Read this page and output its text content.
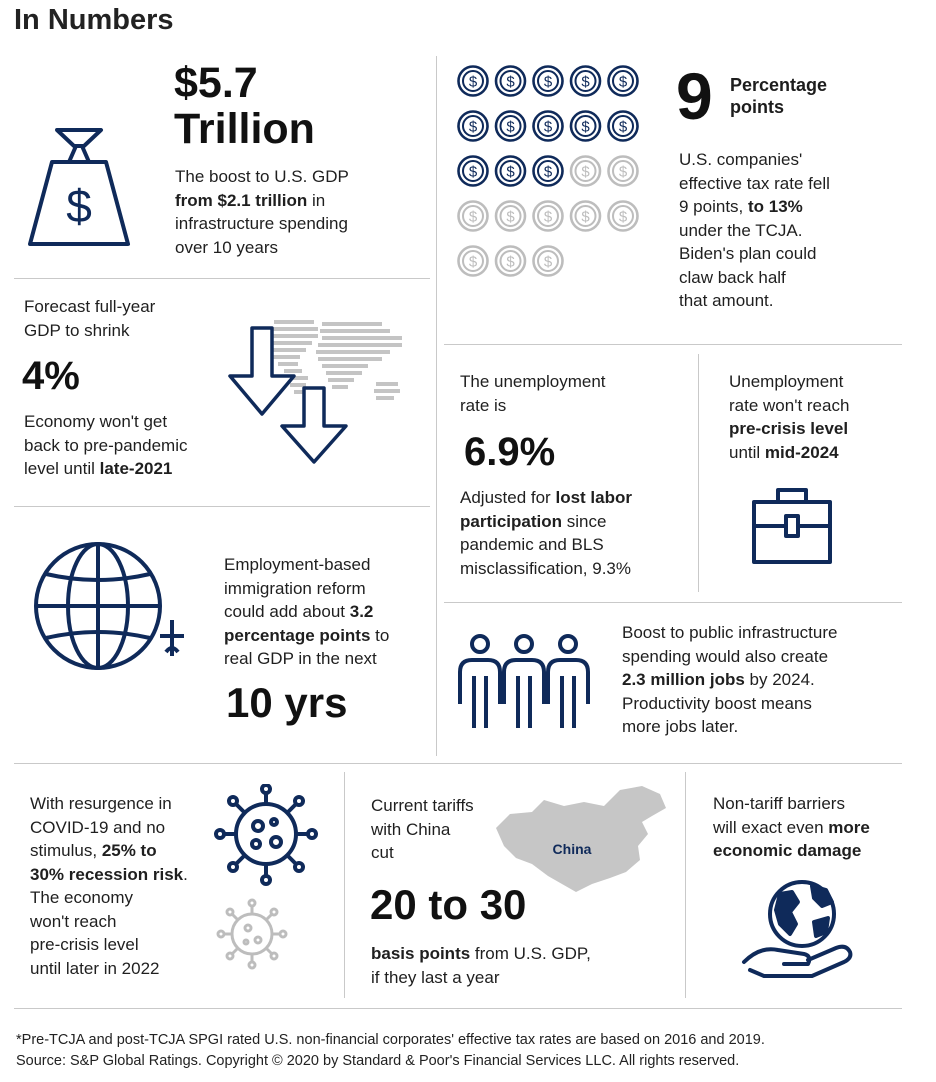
In Numbers
$
$5.7
Trillion
The boost to U.S. GDP
from $2.1 trillion in
infrastructure spending
over 10 years
$ $ $ $ $
$ $ $ $ $
$ $ $ $ $
$ $ $ $ $
$ $ $
9 Percentage
points
U.S. companies'
effective tax rate fell
9 points, to 13%
under the TCJA.
Biden's plan could
claw back half
that amount.
Forecast full-year
GDP to shrink
4%
Economy won't get
back to pre-pandemic
level until late-2021
The unemployment
rate is
6.9%
Adjusted for lost labor
participation since
pandemic and BLS
misclassification, 9.3%
Unemployment
rate won't reach
pre-crisis level
until mid-2024
Employment-based
immigration reform
could add about 3.2
percentage points to
real GDP in the next
10 yrs
Boost to public infrastructure
spending would also create
2.3 million jobs by 2024.
Productivity boost means
more jobs later.
With resurgence in
COVID-19 and no
stimulus, 25% to
30% recession risk.
The economy
won't reach
pre-crisis level
until later in 2022
China
Current tariffs
with China
cut
20 to 30
basis points from U.S. GDP,
if they last a year
Non-tariff barriers
will exact even more
economic damage
*Pre-TCJA and post-TCJA SPGI rated U.S. non-financial corporates' effective tax rates are based on 2016 and 2019.
Source: S&P Global Ratings. Copyright © 2020 by Standard & Poor's Financial Services LLC. All rights reserved.
